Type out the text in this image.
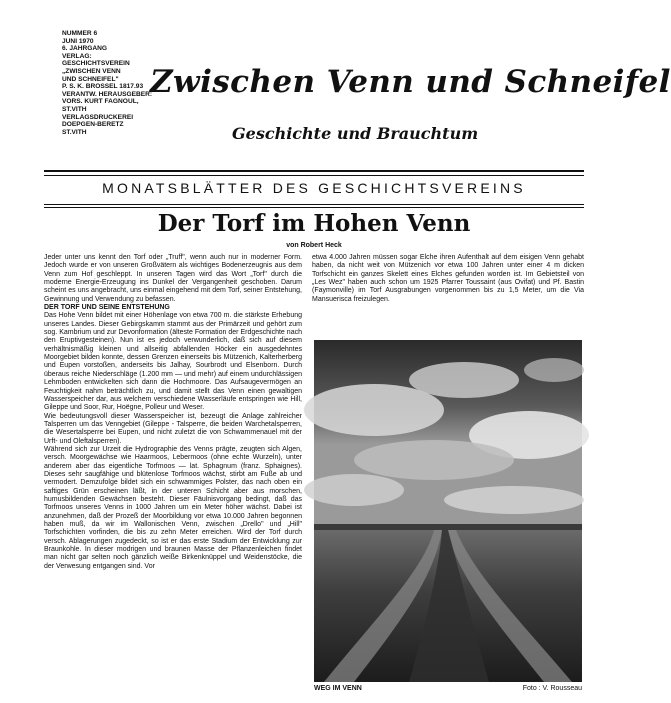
NUMMER 6
JUNI 1970
6. JAHRGANG
VERLAG:
GESCHICHTSVEREIN
„ZWISCHEN VENN
UND SCHNEIFEL"
P. S. K. BROSSEL 1817.93
VERANTW. HERAUSGEBER:
VORS. KURT FAGNOUL,
ST.VITH
VERLAGSDRUCKEREI
DOEPGEN-BERETZ
ST.VITH
Zwischen Venn und Schneifel
Geschichte und Brauchtum
MONATSBLÄTTER DES GESCHICHTSVEREINS
Der Torf im Hohen Venn
von Robert Heck

Jeder unter uns kennt den Torf oder „Truff", wenn auch nur in moderner Form. Jedoch wurde er von unseren Großvätern als wichtiges Bodenerzeugnis aus dem Venn zum Hof geschleppt. In unseren Tagen wird das Wort „Torf" durch die moderne Energie-Erzeugung ins Dunkel der Vergangenheit geschoben. Darum scheint es uns angebracht, uns einmal eingehend mit dem Torf, seiner Entstehung, Gewinnung und Verwendung zu befassen.

DER TORF UND SEINE ENTSTEHUNG

Das Hohe Venn bildet mit einer Höhenlage von etwa 700 m. die stärkste Erhebung unseres Landes. Dieser Gebirgskamm stammt aus der Primärzeit und gehört zum sog. Kambrium und zur Devonformation (älteste Formation der Erdgeschichte nach den Eruptivgesteinen). Nun ist es jedoch verwunderlich, daß sich auf diesem verhältnismäßig kleinen und allseitig abfallenden Höcker ein ausgedehntes Moorgebiet bilden konnte, dessen Grenzen einerseits bis Mützenich, Kalterherberg und Eupen vorstoßen, anderseits bis Jalhay, Sourbrodt und Elsenborn. Durch überaus reiche Niederschläge (1.200 mm — und mehr) auf einem undurchlässigen Lehmboden entwickelten sich dann die Hochmoore. Das Aufsaugevermögen an Feuchtigkeit nahm beträchtlich zu, und damit stellt das Venn einen gewaltigen Wasserspeicher dar, aus welchem verschiedene Wasserläufe entspringen wie Hill, Gileppe und Soor, Rur, Hoëgne, Polleur und Weser.

Wie bedeutungsvoll dieser Wasserspeicher ist, bezeugt die Anlage zahlreicher Talsperren um das Venngebiet (Gileppe - Talsperre, die beiden Warchetalsperren, die Wesertalsperre bei Eupen, und nicht zuletzt die von Schwammenauel mit der Urft- und Oleftalsperren).

Während sich zur Urzeit die Hydrographie des Venns prägte, zeugten sich Algen, versch. Moorgewächse wie Haarmoos, Lebermoos (ohne echte Wurzeln), unter anderem aber das eigentliche Torfmoos — lat. Sphagnum (franz. Sphaignes). Dieses sehr saugfähige und blütenlose Torfmoos wächst, stirbt am Fuße ab und vermodert. Demzufolge bildet sich ein schwammiges Polster, das nach oben ein saftiges Grün erscheinen läßt, in der unteren Schicht aber aus morschen, humusbildenden Gewächsen besteht. Dieser Fäulnisvorgang bedingt, daß das Torfmoos unseres Venns in 1000 Jahren um ein Meter höher wächst. Dabei ist anzunehmen, daß der Prozeß der Moorbildung vor etwa 10.000 Jahren begonnen haben muß, da wir im Wallonischen Venn, zwischen „Drello" und „Hill" Torfschichten vorfinden, die bis zu zehn Meter erreichen. Wird der Torf durch versch. Ablagerungen zugedeckt, so ist er das erste Stadium der Entwicklung zur Braunkohle. In dieser modrigen und braunen Masse der Pflanzenleichen findet man nicht gar selten noch gänzlich weiße Birkenknüppel und Weidenstöcke, die der Verwesung entgangen sind. Vor

etwa 4.000 Jahren müssen sogar Elche ihren Aufenthalt auf dem eisigen Venn gehabt haben, da nicht weit von Mützenich vor etwa 100 Jahren unter einer 4 m dicken Torfschicht ein ganzes Skelett eines Elches gefunden worden ist. Im Gebietsteil von „Les Wez" haben auch schon um 1925 Pfarrer Toussaint (aus Ovifat) und Pf. Bastin (Faymonville) im Torf Ausgrabungen vorgenommen bis zu 1,5 Meter, um die Via Mansuerisca freizulegen.

WEG IM VENN	Foto : V. Rousseau
